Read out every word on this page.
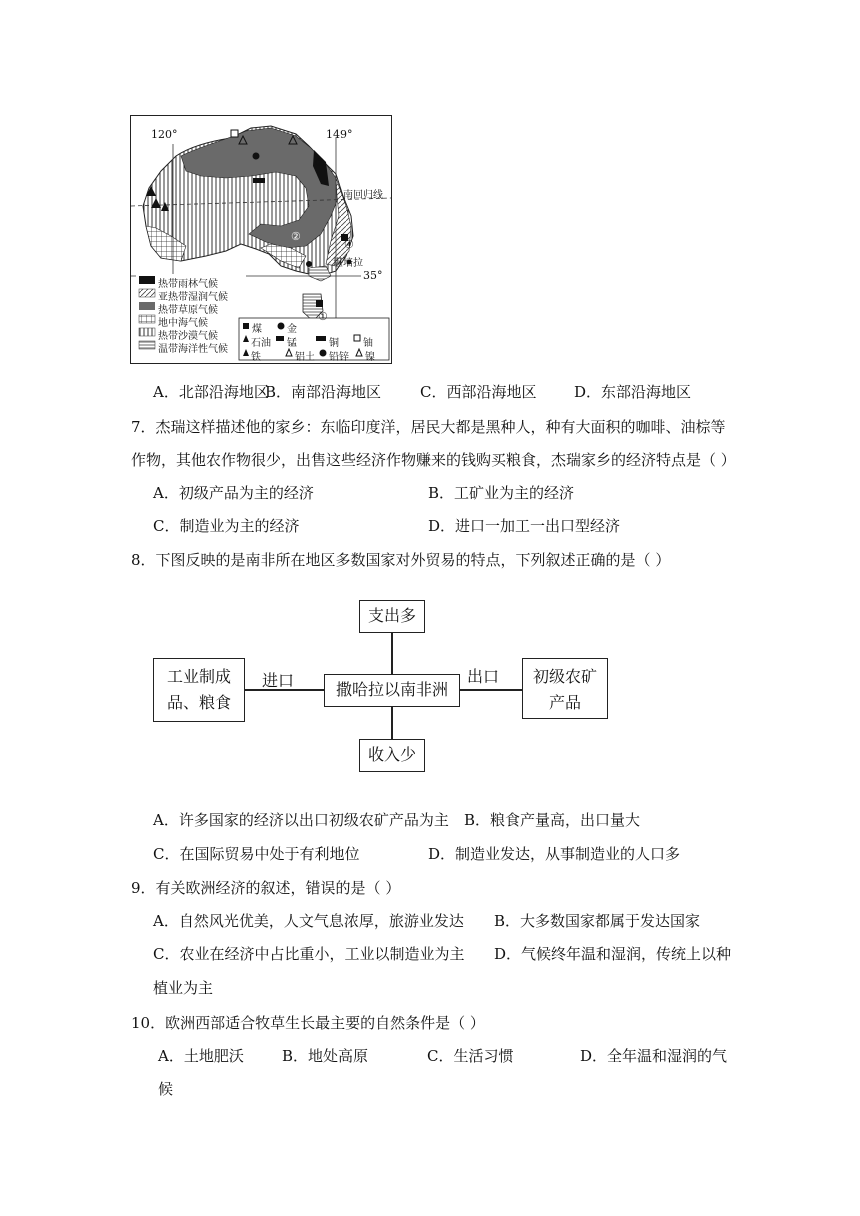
120°	149°
南回归线
堪培拉
35°
①
②
③
④
热带雨林气候
亚热带湿润气候
热带草原气候
地中海气候
热带沙漠气候
温带海洋性气候
煤	金
石油 锰	铜 铀
铁	铝土 铅锌 镍
A．北部沿海地区
B．南部沿海地区	C．西部沿海地区	D．东部沿海地区
7．杰瑞这样描述他的家乡：东临印度洋，居民大都是黑种人，种有大面积的咖啡、油棕等
作物，其他农作物很少，出售这些经济作物赚来的钱购买粮食，杰瑞家乡的经济特点是（ ）
A．初级产品为主的经济	B．工矿业为主的经济
C．制造业为主的经济	D．进口一加工一出口型经济
8．下图反映的是南非所在地区多数国家对外贸易的特点，下列叙述正确的是（ ）
支出多
收入少
撒哈拉以南非洲
工业制成
品、粮食
初级农矿
产品
进口	出口
A．许多国家的经济以出口初级农矿产品为主 B．粮食产量高，出口量大
C．在国际贸易中处于有利地位	D．制造业发达，从事制造业的人口多
9．有关欧洲经济的叙述，错误的是（ ）
A．自然风光优美，人文气息浓厚，旅游业发达 B．大多数国家都属于发达国家
C．农业在经济中占比重小，工业以制造业为主 D．气候终年温和湿润，传统上以种
植业为主
10．欧洲西部适合牧草生长最主要的自然条件是（ ）
A．土地肥沃	B．地处高原	C．生活习惯	D．全年温和湿润的气
候
